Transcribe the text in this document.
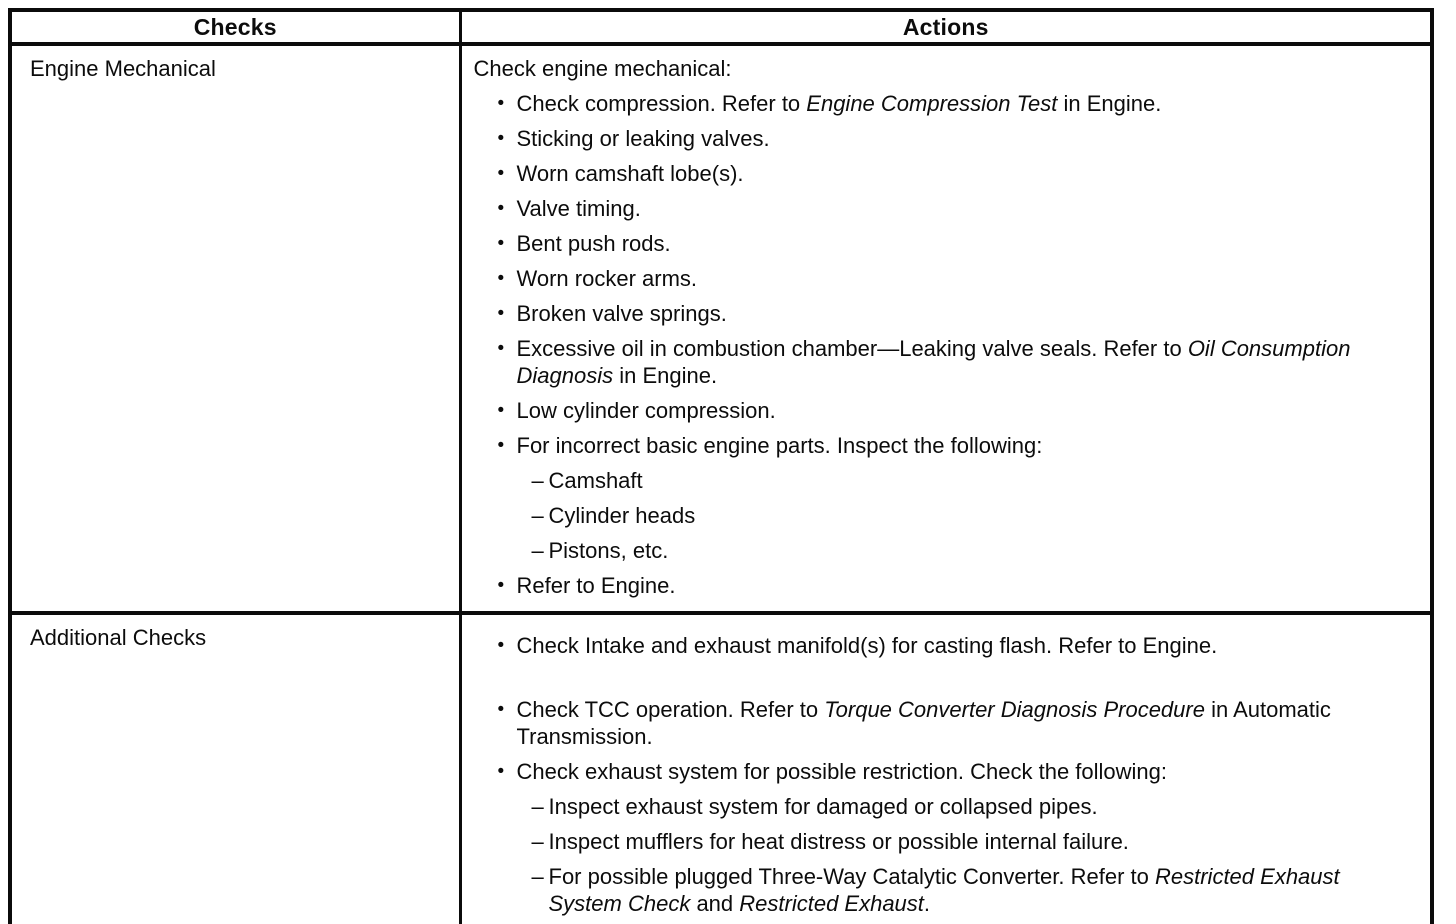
Checks	Actions
Engine Mechanical	Check engine mechanical:
• Check compression. Refer to Engine Compression Test in Engine.
• Sticking or leaking valves.
• Worn camshaft lobe(s).
• Valve timing.
• Bent push rods.
• Worn rocker arms.
• Broken valve springs.
• Excessive oil in combustion chamber—Leaking valve seals. Refer to Oil Consumption Diagnosis in Engine.
• Low cylinder compression.
• For incorrect basic engine parts. Inspect the following:
– Camshaft
– Cylinder heads
– Pistons, etc.
• Refer to Engine.

Additional Checks	• Check Intake and exhaust manifold(s) for casting flash. Refer to Engine.
• Check TCC operation. Refer to Torque Converter Diagnosis Procedure in Automatic Transmission.
• Check exhaust system for possible restriction. Check the following:
– Inspect exhaust system for damaged or collapsed pipes.
– Inspect mufflers for heat distress or possible internal failure.
– For possible plugged Three-Way Catalytic Converter. Refer to Restricted Exhaust System Check and Restricted Exhaust.
